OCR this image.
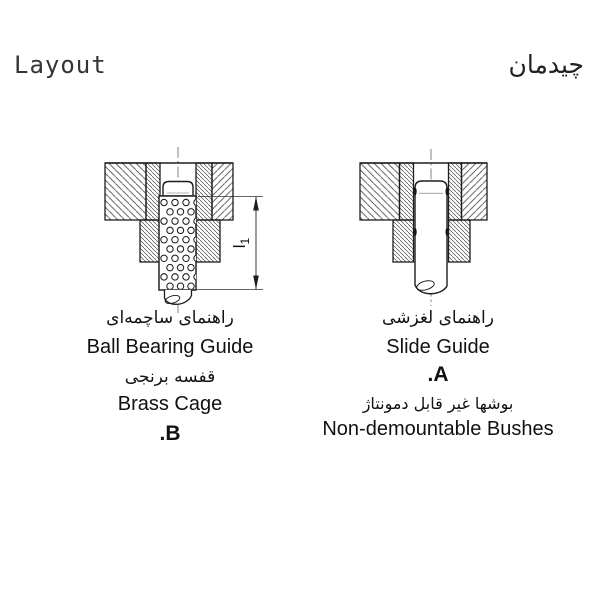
Layout	چیدمان
$l_1$
راهنمای ساچمه‌ای
Ball Bearing Guide
قفسه برنجی
Brass Cage
.B
راهنمای لغزشی
Slide Guide
.A
بوشها غیر قابل دمونتاژ
Non-demountable Bushes
